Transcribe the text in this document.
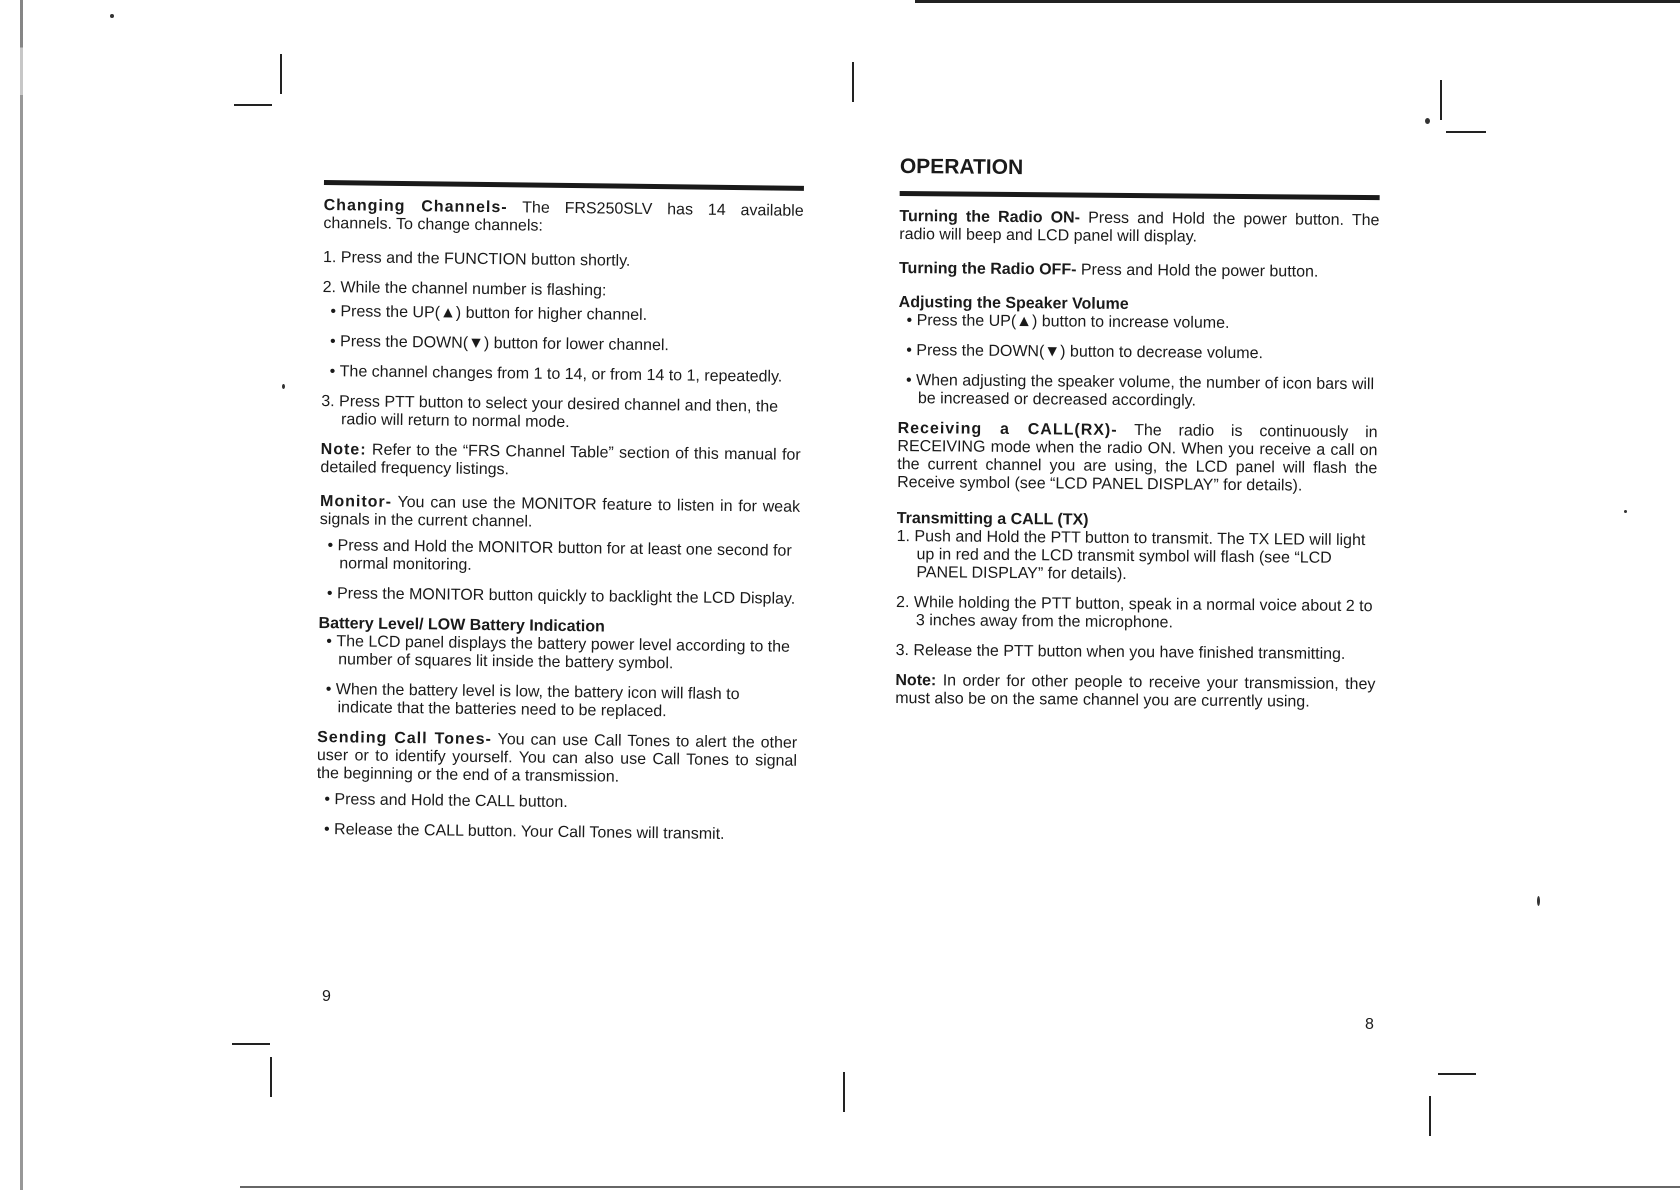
Changing Channels- The FRS250SLV has 14 available channels. To change channels:

1. Press and the FUNCTION button shortly.

2. While the channel number is flashing:

• Press the UP(▲) button for higher channel.

• Press the DOWN(▼) button for lower channel.

• The channel changes from 1 to 14, or from 14 to 1, repeatedly.

3. Press PTT button to select your desired channel and then, the radio will return to normal mode.

Note: Refer to the “FRS Channel Table” section of this manual for detailed frequency listings.

Monitor- You can use the MONITOR feature to listen in for weak signals in the current channel.

• Press and Hold the MONITOR button for at least one second for normal monitoring.

• Press the MONITOR button quickly to backlight the LCD Display.

Battery Level/ LOW Battery Indication

• The LCD panel displays the battery power level according to the number of squares lit inside the battery symbol.

• When the battery level is low, the battery icon will flash to indicate that the batteries need to be replaced.

Sending Call Tones- You can use Call Tones to alert the other user or to identify yourself. You can also use Call Tones to signal the beginning or the end of a transmission.

• Press and Hold the CALL button.

• Release the CALL button. Your Call Tones will transmit.

9
OPERATION

Turning the Radio ON- Press and Hold the power button. The radio will beep and LCD panel will display.

Turning the Radio OFF- Press and Hold the power button.

Adjusting the Speaker Volume

• Press the UP(▲) button to increase volume.

• Press the DOWN(▼) button to decrease volume.

• When adjusting the speaker volume, the number of icon bars will be increased or decreased accordingly.

Receiving a CALL(RX)- The radio is continuously in RECEIVING mode when the radio ON. When you receive a call on the current channel you are using, the LCD panel will flash the Receive symbol (see “LCD PANEL DISPLAY” for details).

Transmitting a CALL (TX)

1. Push and Hold the PTT button to transmit. The TX LED will light up in red and the LCD transmit symbol will flash (see “LCD PANEL DISPLAY” for details).

2. While holding the PTT button, speak in a normal voice about 2 to 3 inches away from the microphone.

3. Release the PTT button when you have finished transmitting.

Note: In order for other people to receive your transmission, they must also be on the same channel you are currently using.

8
